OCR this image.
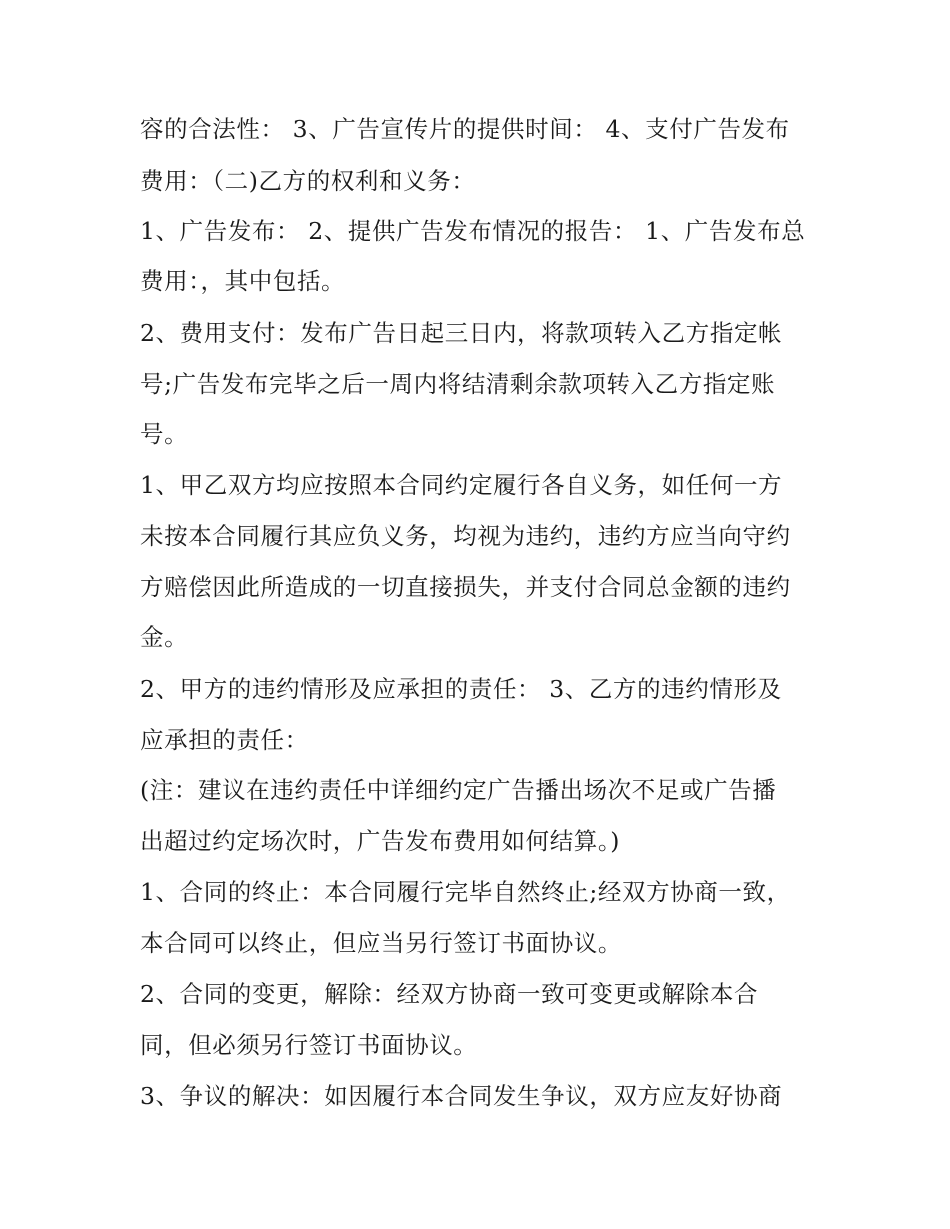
容的合法性： 3、广告宣传片的提供时间： 4、支付广告发布

费用：（二)乙方的权利和义务：

1、广告发布： 2、提供广告发布情况的报告： 1、广告发布总

费用：，其中包括。

2、费用支付：发布广告日起三日内，将款项转入乙方指定帐

号;广告发布完毕之后一周内将结清剩余款项转入乙方指定账

号。

1、甲乙双方均应按照本合同约定履行各自义务，如任何一方

未按本合同履行其应负义务，均视为违约，违约方应当向守约

方赔偿因此所造成的一切直接损失，并支付合同总金额的违约

金。

2、甲方的违约情形及应承担的责任： 3、乙方的违约情形及

应承担的责任：

(注：建议在违约责任中详细约定广告播出场次不足或广告播

出超过约定场次时，广告发布费用如何结算。)

1、合同的终止：本合同履行完毕自然终止;经双方协商一致，

本合同可以终止，但应当另行签订书面协议。

2、合同的变更，解除：经双方协商一致可变更或解除本合

同，但必须另行签订书面协议。

3、争议的解决：如因履行本合同发生争议，双方应友好协商
